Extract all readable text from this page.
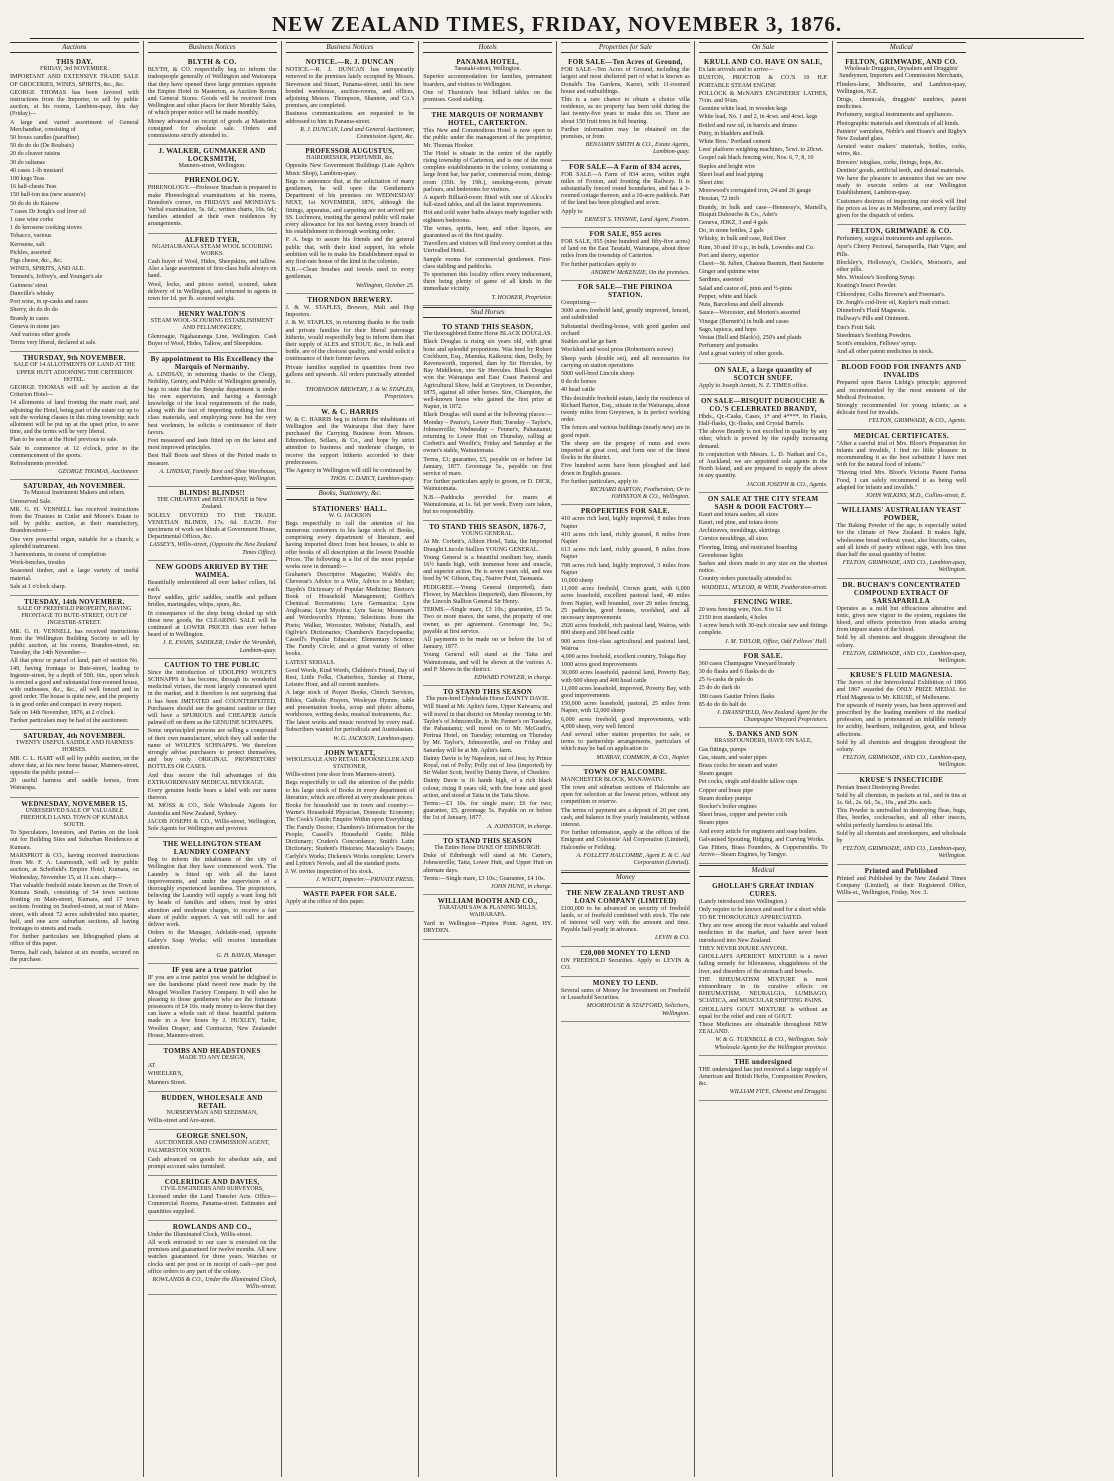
NEW ZEALAND TIMES, FRIDAY, NOVEMBER 3, 1876.
Auctions
THIS DAY.
FRIDAY, 3rd NOVEMBER.

IMPORTANT AND EXTENSIVE TRADE SALE OF GROCERIES, WINES, SPIRITS, &c., &c.

GEORGE THOMAS has been favored with instructions from the Importer, to sell by public auction, at his rooms, Lambton-quay, this day (Friday)—

A large and varied assortment of General Merchandise, consisting of

50 boxes candles (paraffine)

50 do do do (De Roubaix)

20 do cleaver raisins

30 do sultanas

40 cases 1-lb mustard

100 kegs Teas

16 half-chests Teas

150 half-ton tea (new season's)

50 do do do Kaisow

7 cases Dr Jongh's cod liver oil

1 case wine corks

1 do kerosene cooking stoves

Tobacco, various

Kerosene, salt

Pickles, assorted

Figs cheese, &c., &c.

WINES, SPIRITS, AND ALE.

Tennent's, Jeffrey's, and Younger's ale

Guinness' stout

Dunville's whisky

Port wine, in qr-casks and cases

Sherry, do do do do

Brandy in cases

Geneva in stone jars

And various other goods

Terms very liberal, declared at sale.

THURSDAY, 9th NOVEMBER.
SALE OF 14 ALLOTMENTS OF LAND AT THE UPPER HUTT ADJOINING THE CRITERION HOTEL.

GEORGE THOMAS will sell by auction at the Criterion Hotel—

14 allotments of land fronting the main road, and adjoining the Hotel, being part of the estate cut up to suit the working classes in this rising township; each allotment will be put up at the upset price, to save time, and the terms will be very liberal.

Plan to be seen at the Hotel previous to sale.

Sale to commence at 12 o'clock, prior to the commencement of the sports.

Refreshments provided.

GEORGE THOMAS, Auctioneer.
SATURDAY, 4th NOVEMBER.
To Musical Instrument Makers and others.

Unreserved Sale.

MR. G. H. VENNELL has received instructions from the Trustees in Cutler and Moore's Estate to sell by public auction, at their manufactory, Brandon-street—

One very powerful organ, suitable for a church; a splendid instrument.

3 harmoniums, in course of completion

Work-benches, trestles

Seasoned timber, and a large variety of useful material.

Sale at 1 o'clock sharp.

TUESDAY, 14th NOVEMBER.
SALE OF FREEHOLD PROPERTY, HAVING FRONTAGE TO BUTE-STREET, OUT OF INGESTRE-STREET.

MR. G. H. VENNELL has received instructions from the Wellington Building Society to sell by public auction, at his rooms, Brandon-street, on Tuesday, the 14th November—

All that piece or parcel of land, part of section No. 149, having frontage to Bute-street, leading to Ingestre-street, by a depth of 50ft. 6in., upon which is erected a good and substantial four-roomed house, with outhouses, &c., &c., all well fenced and in good order. The house is quite new, and the property is in good order and compact in every respect.

Sale on 14th November, 1876, at 2 o'clock.

Further particulars may be had of the auctioneer.

SATURDAY, 4th NOVEMBER.
TWENTY USEFUL SADDLE AND HARNESS HORSES.

MR. C. L. HART will sell by public auction, on the above date, at his new horse bazaar, Manners-street, opposite the public pound—

20 useful harness and saddle horses, from Wairarapa.

WEDNESDAY, NOVEMBER 15.
UNRESERVED SALE OF VALUABLE FREEHOLD LAND. TOWN OF KUMARA SOUTH.

To Speculators, Investors, and Parties on the look out for Building Sites and Suburban Residences at Kumara.

MARSPROT & CO., having received instructions from Mr. F. A. Learmouth, will sell by public auction, at Schofield's Empire Hotel, Kumara, on Wednesday, November 15, at 11 a.m. sharp—

That valuable freehold estate known as the Town of Kumara South, consisting of 54 town sections fronting on Main-street, Kumara, and 17 town sections fronting on Seaford-street, at rear of Main-street, with about 72 acres subdivided into quarter, half, and one acre suburban sections, all having frontages to streets and roads.

For further particulars see lithographed plans at office of this paper.

Terms, half cash, balance at six months, secured on the purchase.

Business Notices
BLYTH & CO.

BLYTH, & CO. respectfully beg to inform the tradespeople generally of Wellington and Wairarapa that they have opened three large premises opposite the Empire Hotel in Masterton, as Auction Rooms and General Stores. Goods will be received from Wellington and other places for their Monthly Sales, of which proper notice will be made monthly.

Money advanced on receipt of goods at Masterton consigned for absolute sale. Orders and commissions strictly attended to.

J. WALKER, GUNMAKER AND LOCKSMITH,
Manners-street, Wellington.
PHRENOLOGY.

PHRENOLOGY.—Professor Strachan is prepared to make Phrenological examinations at his rooms, Brandon's corner, on FRIDAYS and MONDAYS. Verbal examination, 5s. 6d.; written charts, 10s. 6d.; families attended at their own residences by arrangements.

ALFRED TYER,
NGAHAURANGA STEAM WOOL SCOURING WORKS.

Cash buyer of Wool, Hides, Sheepskins, and tallow. Also a large assortment of first-class bulls always on hand.

Wool, locks, and pieces sorted, scoured, taken delivery of in Wellington, and returned to agents in town for 1d. per lb. scoured weight.

HENRY WALTON'S
STEAM WOOL-SCOURING ESTABLISHMENT AND FELLMONGERY,

Glenroagie, Ngahauranga Line, Wellington. Cash Buyer of Wool, Hides, Tallow, and Sheepskins.

By appointment to His Excellency the Marquis of Normanby.

A. LINDSAY, in returning thanks to the Clergy, Nobility, Gentry, and Public of Wellington generally, begs to state that the Bespoke department is under his own supervision, and having a thorough knowledge of the local requirements of the trade, along with the fact of importing nothing but first class materials, and employing none but the very best workmen, he solicits a continuance of their favors.

Feet measured and lasts fitted up on the latest and most improved principles.

Best Hall Boots and Shoes of the Period made to measure.

A. LINDSAY, Family Boot and Shoe Warehouse, Lambton-quay, Wellington.
BLINDS! BLINDS!!
THE CHEAPEST and BEST HOUSE in New Zealand.

SOLELY DEVOTED TO THE TRADE. VENETIAN BLINDS, 17s. 6d. EACH. For specimens of work see blinds at Government House, Departmental Offices, &c.

LASSEY'S, Willis-street, (Opposite the New Zealand Times Office).
NEW GOODS ARRIVED BY THE WAIMEA.

Beautifully embroidered all over ladies' collars, 6d. each.

Boys' saddles, girls' saddles, snaffle and pelham bridles, martingales, whips, spurs, &c.

In consequence of the shop being choked up with these new goods, the CLEARING SALE will be continued at LOWER PRICES than ever before heard of in Wellington.

J. E. EVANS, SADDLER, Under the Verandah, Lambton-quay.
CAUTION TO THE PUBLIC

Since the introduction of UDOLPHO WOLFE'S SCHNAPPS it has become, through its wonderful medicinal virtues, the most largely consumed spirit in the market, and it therefore is not surprising that it has been IMITATED and COUNTERFEITED. Purchasers should use the greatest caution or they will have a SPURIOUS and CHEAPER Article palmed off on them as the GENUINE SCHNAPPS.

Some unprincipled persons are selling a compound of their own manufacture, which they call under the name of WOLFE'S SCHNAPPS. We therefore strongly advise purchasers to protect themselves, and buy only ORIGINAL PROPRIETORS' BOTTLES OR CASES.

And thus secure the full advantages of this EXTRAORDINARY MEDICAL BEVERAGE.

Every genuine bottle bears a label with our name thereon.

M. MOSS & CO., Sole Wholesale Agents for Australia and New Zealand, Sydney.

JACOB JOSEPH & CO., Willis-street, Wellington, Sole Agents for Wellington and province.

THE WELLINGTON STEAM LAUNDRY COMPANY

Beg to inform the inhabitants of the city of Wellington that they have commenced work. The Laundry is fitted up with all the latest improvements, and under the supervision of a thoroughly experienced laundress. The proprietors, believing the Laundry will supply a want long felt by heads of families and others, trust by strict attention and moderate charges, to receive a fair share of public support. A van will call for and deliver work.

Orders to the Manager, Adelaide-road, opposite Gabry's Soap Works; will receive immediate attention.

G. H. BAYLIS, Manager.
IF you are a true patriot

IF you are a true patriot you would be delighted to see the handsome plaid tweed now made by the Mosgiel Woollen Factory Company. It will also be pleasing to those gentlemen who are the fortunate possessors of £4 10s. ready money to know that they can have a whole suit of these beautiful patterns made in a few hours by J. HUXLEY, Tailor, Woollen Draper, and Contractor, New Zealander House, Manners-street.

TOMBS AND HEADSTONES
MADE TO ANY DESIGN,

AT

WHEELER'S,

Manners Street.

BUDDEN, WHOLESALE AND RETAIL
NURSERYMAN AND SEEDSMAN,

Willis-street and Aro-street.

GEORGE SNELSON,
AUCTIONEER AND COMMISSION AGENT,

PALMERSTON NORTH.

Cash advanced on goods for absolute sale, and prompt account sales furnished.

COLERIDGE AND DAVIES,
CIVIL ENGINEERS AND SURVEYORS,

Licensed under the Land Transfer Acts. Office—Commercial Rooms, Panama-street. Estimates and quantities supplied.

ROWLANDS AND CO.,

Under the Illuminated Clock, Willis-street.

All work entrusted to our care is executed on the premises and guaranteed for twelve months. All new watches guaranteed for three years. Watches or clocks sent per post or in receipt of cash—per post office orders to any part of the colony.

ROWLANDS & CO., Under the Illuminated Clock, Willis-street.
Business Notices
NOTICE.—R. J. DUNCAN

NOTICE.—R. J. DUNCAN has temporarily removed to the premises lately occupied by Messrs. Stevenson and Stuart, Panama-street, until his new bonded warehouse, auction-rooms, and offices, adjoining Messrs. Thompson, Shannon, and Co.'s premises, are completed.

Business communications are requested to be addressed to him in Panama-street.

R. J. DUNCAN, Land and General Auctioneer, Commission Agent, &c.
PROFESSOR AUGUSTUS,
HAIRDRESSER, PERFUMER, &c.

Opposite New Government Buildings (Late Aplin's Music Shop), Lambton-quay.

Begs to announce that, at the solicitation of many gentlemen, he will open the Gentlemen's Department of his premises on WEDNESDAY NEXT, 1st NOVEMBER, 1876, although the fittings, apparatus, and carpeting are not arrived per SS. Lochmora, trusting the general public will make every allowance for his not having every branch of his establishment in thorough working order.

P. A. begs to assure his friends and the general public that, with their kind support, his whole ambition will be to make his Establishment equal to any first-rate house of the kind in the colonies.

N.B.—Clean brushes and towels used to every gentleman.

Wellington, October 25.
THORNDON BREWERY.

J. & W. STAPLES, Brewers, Malt and Hop Importers.

J. & W. STAPLES, in returning thanks to the trade and private families for their liberal patronage hitherto, would respectfully beg to inform them that their supply of ALES and STOUT, &c., in bulk and bottle, are of the choicest quality, and would solicit a continuance of their former favors.

Private families supplied in quantities from two gallons and upwards. All orders punctually attended to.

THORNDON BREWERY, J. & W. STAPLES, Proprietors.
W. & C. HARRIS

W. & C. HARRIS beg to inform the inhabitants of Wellington and the Wairarapa that they have purchased the Carrying Business from Messrs. Edmondson, Sellars, & Co., and hope by strict attention to business and moderate charges, to receive the support hitherto accorded to their predecessors.

The Agency in Wellington will still be continued by

THOS. C. DARCY, Lambton-quay.
Books, Stationery, &c.
STATIONERS' HALL.
W. G. JACKSON

Begs respectfully to call the attention of his numerous customers to his large stock of Books, comprising every department of literature, and having imported direct from best houses, is able to offer books of all description at the lowest Possible Prices. The following is a list of the most popular works now in demand:—

Grahame's Descriptive Magazine; Walsh's do; Cheverae's Advice to a Wife, Advice to a Mother; Haydn's Dictionary of Popular Medicine; Beeton's Book of Household Management; Griffin's Chemical Recreations; Lyra Germanica; Lyra Anglicana; Lyra Mystica; Lyra Sacra; Mossman's and Wordsworth's Hymns; Selections from the Poets; Walker, Worcester, Webster, Nuttall's, and Ogilvie's Dictionaries; Chambers's Encyclopaedia; Cassell's Popular Educator; Elementary Science; The Family Circle; and a great variety of other books.

LATEST SERIALS.

Good Words, Kind Words, Children's Friend, Day of Rest, Little Folks, Chatterbox, Sunday at Home, Leisure Hour, and all current numbers.

A large stock of Prayer Books, Church Services, Bibles, Catholic Prayers, Wesleyan Hymns, table and presentation books, scrap and photo albums, workboxes, writing desks, musical instruments, &c.

The latest works and music received by every mail. Subscribers wanted for periodicals and Australasian.

W. G. JACKSON, Lambton-quay.
JOHN WYATT,
WHOLESALE AND RETAIL BOOKSELLER AND STATIONER,

Willis-street (one door from Manners-street).

Begs respectfully to call the attention of the public to his large stock of Books in every department of literature, which are offered at very moderate prices.

Books for household use in town and country:—Warne's Household Physician, Domestic Economy; The Cook's Guide; Enquire Within upon Everything; The Family Doctor; Chambers's Information for the People; Cassell's Household Guide; Bible Dictionary; Cruden's Concordance; Smith's Latin Dictionary; Student's Histories; Macaulay's Essays; Carlyle's Works; Dickens's Works complete; Lever's and Lytton's Novels, and all the standard poets.

J. W. invites inspection of his stock.

J. WYATT, Importer.—PRIVATE PRESS.
WASTE PAPER FOR SALE.

Apply at the office of this paper.

Hotels
PANAMA HOTEL,
Taranaki-street, Wellington.

Superior accommodation for families, permanent boarders, and visitors to Wellington.

One of Thurston's best billiard tables on the premises. Good stabling.

THE MARQUIS OF NORMANBY HOTEL, CARTERTON.

This New and Commodious Hotel is now open to the public under the management of the proprietor, Mr. Thomas Hooker.

The Hotel is situate in the centre of the rapidly rising township of Carterton, and is one of the most complete establishments in the colony, containing a large front bar, bar parlor, commercial room, dining-room (35ft. by 19ft.), smoking-room, private parlours, and bedrooms for visitors.

A superb Billiard-room fitted with one of Alcock's full-sized tables, and all the latest improvements.

Hot and cold water baths always ready together with eighteen bedrooms.

The wines, spirits, beer, and other liquors, are guaranteed as of the first quality.

Travellers and visitors will find every comfort at this Unrivalled Hotel.

Sample rooms for commercial gentlemen. First-class stabling and paddocks.

To sportsmen this locality offers every inducement, there being plenty of game of all kinds in the immediate vicinity.

T. HOOKER, Proprietor.
Stud Horses
TO STAND THIS SEASON,
The thoroughbred Entire Horse BLACK DOUGLAS.

Black Douglas is rising six years old, with great bone and splendid proportions. Was bred by Robert Cockburn, Esq., Manuka, Kaikoura; dam, Dolly, by Ravensworth, imported, dam by Sir Hercules, by Bay Middleton, sire Sir Hercules. Black Douglas won the Wairarapa and East Coast Pastoral and Agricultural Show, held at Greytown, in December, 1875, against all other horses. Sire, Champion, the well-known horse who gained the first prize at Napier, in 1872.

Black Douglas will stand at the following places:—Monday – Pearce's, Lower Hutt; Tuesday – Taylor's, Johnsonville; Wednesday – Fenner's, Pahautanui; returning to Lower Hutt on Thursday, calling at Corbett's and Woolfe's; Friday and Saturday at the owner's stable, Wainuiomata.

Terms, £3; guarantee, £5, payable on or before 1st January, 1877. Groomage 5s., payable on first service of mare.

For further particulars apply to groom, or D. DICK, Wainuiomata.

N.B.—Paddocks provided for mares at Wainuiomata, at 1s. 6d. per week. Every care taken, but no responsibility.

TO STAND THIS SEASON, 1876-7,
YOUNG GENERAL.

At Mr. Corbett's, Albion Hotel, Taita, the Imported Draught Lincoln Stallion YOUNG GENERAL.

Young General is a beautiful medium bay, stands 16½ hands high, with immense bone and muscle, and superior action. He is seven years old, and was bred by W. Gibson, Esq., Native Point, Tasmania.

PEDIGREE.—Young General (imported), dam Flower, by Matchless (imported), dam Blossom, by the Lincoln Stallion General Sir Henry.

TERMS.—Single mare, £3 10s.; guarantee, £5 5s. Two or more mares, the same, the property of one owner, as per agreement. Groomage fee, 5s.; payable at first service.

All payments to be made on or before the 1st of January, 1877.

Young General will stand at the Taita and Wainuiomata, and will be shown at the various A. and P. Shows in the district.

EDWARD FOWLER, in charge.
TO STAND THIS SEASON
The pure-bred Clydesdale Horse DAINTY DAVIE.

Will Stand at Mr. Aplin's farm, Upper Kaiwarra, and will travel in that district on Monday morning to Mr. Taylor's of Johnsonville, to Mr. Fenner's on Tuesday, the Pahautanui; will travel on to Mr. McGrath's, Porirua Hotel, on Tuesday; returning on Thursday by Mr. Taylor's, Johnsonville, and on Friday and Saturday will be at Mr. Aplin's farm.

Dainty Davie is by Napoleon, out of Jess; by Prince Royal, out of Polly; Polly out of Jess (imported) by Sir Walter Scott, bred by Dainty Davie, of Cheshire.

Dainty Davie is 16 hands high, of a rich black colour, rising 8 years old, with fine bone and good action, and stood at Taita in the Taita Show.

Terms:—£3 10s. for single mare; £6 for two; guarantee, £5; groomage 5s. Payable on or before the 1st of January, 1877.

A. JOHNSTON, in charge.
TO STAND THIS SEASON
The Entire Horse DUKE OF EDINBURGH.

Duke of Edinburgh will stand at Mr. Carter's, Johnsonville; Taita, Lower Hutt, and Upper Hutt on alternate days.

Terms:—Single mare, £3 10s.; Guarantee, £4 10s.

JOHN HUNE, in charge.
WILLIAM BOOTH AND CO.,
TARATAHI SAW & PLANING MILLS, WAIRARAPA.

Yard in Wellington—Pipitea Point. Agent, HY. DRYDEN.

Properties for Sale
FOR SALE—Ten Acres of Ground,

FOR SALE—Ten Acres of Ground, including the largest and most sheltered part of what is known as Donald's Tea Gardens, Karori, with 11-roomed house and outbuildings.

This is a rare chance to obtain a choice villa residence, as no property has been sold during the last twenty-five years to make this so. There are about 150 fruit trees in full bearing.

Further information may be obtained on the premises, or from

BENJAMIN SMITH & CO., Estate Agents, Lambton-quay.
FOR SALE—A Farm of 834 acres,

FOR SALE—A Farm of 834 acres, within eight miles of Foxton, and fronting the Railway. It is substantially fenced round boundaries, and has a 3-roomed cottage thereon, and a 10-acre paddock. Part of the land has been ploughed and sown.

Apply to

ERNEST S. THYNNE, Land Agent, Foxton.
FOR SALE, 955 acres

FOR SALE, 955 (nine hundred and fifty-five acres) of land on the East Taratahi, Wairarapa, about three miles from the township of Carterton.

For further particulars apply to

ANDREW McKENZIE, On the premises.
FOR SALE—THE PIRINOA STATION.

Comprising—

3600 acres freehold land, greatly improved, fenced, and subdivided

Substantial dwelling-house, with good garden and orchard

Stables and lar ge barn

Woolshed and wool press (Robertson's screw)

Sheep yards (double set), and all necessaries for carrying on station operations

5000 well-bred Lincoln sheep

8 do do horses

40 head cattle

This desirable freehold estate, lately the residence of Richard Barton, Esq., situate in the Wairarapa, about twenty miles from Greytown, is in perfect working order.

The fences and various buildings (nearly new) are in good repair.

The sheep are the progeny of rams and ewes imported at great cost, and form one of the finest flocks in the district.

Five hundred acres have been ploughed and laid down in English grasses.

For further particulars, apply to

RICHARD BARTON, Featherston; Or to JOHNSTON & CO., Wellington.
PROPERTIES FOR SALE.

410 acres rich land, highly improved, 8 miles from Napier

410 acres rich land, richly grassed, 8 miles from Napier

613 acres rich land, richly grassed, 8 miles from Napier

798 acres rich land, highly improved, 3 miles from Napier

10,000 sheep

11,000 acres freehold, Crown grant, with 6,000 acres leasehold, excellent pastoral land, 40 miles from Napier, well bounded, over 20 miles fencing, 25 paddocks, good houses, woolshed, and all necessary improvements

2920 acres freehold, rich pastoral land, Wairoa, with 800 sheep and 100 head cattle

900 acres first-class agricultural and pastoral land, Wairoa

4,000 acres freehold, excellent country, Tolaga Bay

1000 acres good improvements

30,000 acres leasehold, pastoral land, Poverty Bay, with 600 sheep and 400 head cattle

11,000 acres leasehold, improved, Poverty Bay, with good improvements

150,000 acres leasehold, pastoral, 25 miles from Napier, with 12,000 sheep

6,000 acres freehold, good improvements, with 4,000 sheep, very well fenced

And several other station properties for sale, or terms to partnership arrangements, particulars of which may be had on application to

MURRAY, COMMON, & CO., Napier.
TOWN OF HALCOMBE.

MANCHESTER BLOCK, MANAWATU.

The town and suburban sections of Halcombe are open for selection at the lowest prices, without any competition or reserve.

The terms of payment are a deposit of 20 per cent. cash, and balance in five yearly instalments, without interest.

For further information, apply at the offices of the Emigrant and Colonists' Aid Corporation (Limited), Halcombe or Feilding.

A. FOLLETT HALCOMBE, Agent E. & C. Aid Corporation (Limited).
Money
THE NEW ZEALAND TRUST AND LOAN COMPANY (LIMITED)

£100,000 to be advanced on security of freehold lands, or of freehold combined with stock. The rate of interest will vary with the amount and time. Payable half-yearly in advance.

LEVIN & CO.
£20,000 MONEY TO LEND

ON FREEHOLD Securities. Apply to LEVIN & CO.

MONEY TO LEND.

Several sums of Money for Investment on Freehold or Leasehold Securities.

MOORHOUSE & STAFFORD, Solicitors, Wellington.
On Sale
KRULL AND CO. HAVE ON SALE,

Ex late arrivals and to arrive—

RUSTON, PROCTOR & CO.'S 10 H.P. PORTABLE STEAM ENGINE

POLLOCK & McNAB'S ENGINEERS' LATHES, 7¼in. and 9¼in.

Genuine white lead, in wooden kegs

White lead, No. 1 and 2, in 4cwt. and 4cwt. kegs

Boiled and raw oil, in barrels and drums

Putty, in bladders and bulk

White Bros.' Portland cement

Lees' platform weighing machines, 5cwt. to 20cwt.

Gospel oak black fencing wire, Nos. 6, 7, 8, 10

Staples and bright wire

Sheet lead and lead piping

Sheet zinc

Morewood's corrugated iron, 24 and 26 gauge

Hessian, 72 inch

Brandy, in bulk and case—Hennessy's, Martell's, Bisquit Dubouche & Co., Adet's

Geneva, JDKZ, 3 and 4 gals

Do, in stone bottles, 2 gals

Whisky, in bulk and case, Red Deer

Rum, 30 and 10 o.p., in bulk, Lowndes and Co.

Port and sherry, superior

Claret—St. Julien, Chateau Baumin, Haut Sauterne

Ginger and quinine wine

Sardines, assorted

Salad and castor oil, pints and ½-pints

Pepper, white and black

Nuts, Barcelona and shell almonds

Sauce—Worcester, and Morton's assorted

Vinegar (Burnett's) in bulk and cases

Sago, tapioca, and hops

Vestas (Bell and Black's), 250's and plaids

Perfumery and pomades

And a great variety of other goods.

ON SALE, a large quantity of SCOTCH SNUFF.

Apply to Joseph Arnott, N. Z. TIMES office.

ON SALE—BISQUIT DUBOUCHE & CO.'S CELEBRATED BRANDY,

Hhds., Qr.-Casks, Cases, 1* and 4****. In Flasks, Half-flasks, Qr.-flasks, and Crystal Barrels.

The above Brandy is not excelled in quality by any other, which is proved by the rapidly increasing demand.

In conjunction with Messrs. L. D. Nathan and Co., of Auckland, we are appointed sole agents in the North Island, and are prepared to supply the above in any quantity.

JACOB JOSEPH & CO., Agents.
ON SALE AT THE CITY STEAM SASH & DOOR FACTORY—

Kauri and totara sashes, all sizes

Kauri, red pine, and totara doors

Architraves, mouldings, skirtings

Cornice mouldings, all sizes

Flooring, lining, and rusticated boarding

Greenhouse lights

Sashes and doors made to any size on the shortest notice.

Country orders punctually attended to.

WADDELL, M'LEOD, & WEIR, Featherston-street.
FENCING WIRE.

20 tons fencing wire, Nos. 8 to 12

2150 iron standards, 4 holes

1 screw bench with 30-inch circular saw and fittings complete.

J. M. TAYLOR, Office, Odd Fellows' Hall.
FOR SALE.

360 cases Champagne Vineyard brandy

30 do flasks and 6 flasks do do

25 ¼-casks de palo do

25 do do dark do

180 cases Gautier Frères flasks

85 do do do half do

J. DRANSFIELD, New Zealand Agent for the Champagne Vineyard Proprietors.
S. DANKS AND SON
BRASSFOUNDERS, HAVE ON SALE,

Gas fittings, pumps

Gas, steam, and water pipes

Brass cocks for steam and water

Steam gauges

Pet cocks, single and double tallow cups

Copper and brass pipe

Steam donkey pumps

Stocker's boiler engines

Sheet brass, copper and pewter coils

Steam pipes

And every article for engineers and soap boilers.

Galvanised Spouting, Ridging, and Curving Works.

Gas Fitters, Brass Founders, & Coppersmiths. To Arrive—Steam Engines, by Tangye.

Medical
GHOLLAH'S GREAT INDIAN CURES.

(Lately introduced into Wellington.)

Only require to be known and used for a short while

TO BE THOROUGHLY APPRECIATED.

They are now among the most valuable and valued medicines in the market, and have never been introduced into New Zealand.

THEY NEVER INJURE ANYONE.

GHOLLAH'S APERIENT MIXTURE is a never failing remedy for biliousness, sluggishness of the liver, and disorders of the stomach and bowels.

THE RHEUMATISM MIXTURE is most extraordinary in its curative effects on RHEUMATISM, NEURALGIA, LUMBAGO, SCIATICA, and MUSCULAR SHIFTING PAINS.

GHOLLAH'S GOUT MIXTURE is without an equal for the relief and cure of GOUT.

These Medicines are obtainable throughout NEW ZEALAND.

W. & G. TURNBULL & CO., Wellington. Sole Wholesale Agents for the Wellington province.
THE undersigned

THE undersigned has just received a large supply of American and British Herbs, Composition Powders, &c.

WILLIAM FIFE, Chemist and Druggist.
Medical
FELTON, GRIMWADE, AND CO.
Wholesale Druggists, Drysalters and Druggists' Sundrymen, Importers and Commission Merchants,

Flinders-lane, Melbourne, and Lambton-quay, Wellington, N.Z.

Drugs, chemicals, druggists' sundries, patent medicines.

Perfumery, surgical instruments and appliances.

Photographic materials and chemicals of all kinds.

Painters' varnishes, Noble's and Hoare's and Rigby's New Zealand glass.

Aerated water makers' materials, bottles, corks, wires, &c.

Brewers' isinglass, corks, finings, hops, &c.

Dentists' goods, artificial teeth, and dental materials.

We have the pleasure to announce that we are now ready to execute orders at our Wellington Establishment, Lambton-quay.

Customers desirous of inspecting our stock will find the prices as low as in Melbourne, and every facility given for the dispatch of orders.

FELTON, GRIMWADE & CO.

Perfumery, surgical instruments and appliances.

Ayer's Cherry Pectoral, Sarsaparilla, Hair Vigor, and Pills.

Blockley's, Holloway's, Cockle's, Morison's, and other pills.

Mrs. Winslow's Soothing Syrup.

Keating's Insect Powder.

Chlorodyne, Collis Browne's and Freeman's.

Dr. Jongh's cod-liver oil, Kepler's malt extract.

Dinneford's Fluid Magnesia.

Hallway's Pills and Ointment.

Eno's Fruit Salt.

Steedman's Soothing Powders.

Scott's emulsion, Fellows' syrup.

And all other patent medicines in stock.

BLOOD FOOD FOR INFANTS AND INVALIDS

Prepared upon Baron Liebig's principle; approved and recommended by the most eminent of the Medical Profession.

Strongly recommended for young infants; as a delicate food for invalids.

FELTON, GRIMWADE, & CO., Agents.
MEDICAL CERTIFICATES.

"After a careful trial of Mrs. Bloor's Preparation for infants and invalids, I find no little pleasure in recommending it as the best substitute I have met with for the natural food of infants."

"Having tried Mrs. Bloor's Victoria Patent Farina Food, I can safely recommend it as being well adapted for infants and invalids."

JOHN WILKINS, M.D., Collins-street, E.
WILLIAMS' AUSTRALIAN YEAST POWDER,

The Baking Powder of the age, is especially suited for the climate of New Zealand. It makes light, wholesome bread without yeast, also biscuits, cakes, and all kinds of pastry without eggs, with less time than half the usual quantity of butter.

FELTON, GRIMWADE, AND CO., Lambton-quay, Wellington.
DR. BUCHAN'S CONCENTRATED COMPOUND EXTRACT OF SARSAPARILLA

Operates as a mild but efficacious alterative and tonic, gives new vigour to the system, regulates the blood, and effects protection from attacks arising from impure states of the blood.

Sold by all chemists and druggists throughout the colony.

FELTON, GRIMWADE, AND CO., Lambton-quay, Wellington.
KRUSE'S FLUID MAGNESIA.

The Jurors of the Intercolonial Exhibition of 1866 and 1867 awarded the ONLY PRIZE MEDAL for Fluid Magnesia to Mr. KRUSE, of Melbourne.

For upwards of twenty years, has been approved and prescribed by the leading members of the medical profession, and is pronounced an infallible remedy for acidity, heartburn, indigestion, gout, and bilious affections.

Sold by all chemists and druggists throughout the colony.

FELTON, GRIMWADE, AND CO., Lambton-quay, Wellington.
KRUSE'S INSECTICIDE

Persian Insect Destroying Powder.

Sold by all chemists, in packets at 6d., and in tins at 1s. 6d., 2s. 6d., 5s., 10s., and 20s. each.

This Powder is unrivalled in destroying fleas, bugs, flies, beetles, cockroaches, and all other insects, whilst perfectly harmless to animal life.

Sold by all chemists and storekeepers, and wholesale by

FELTON, GRIMWADE, AND CO., Lambton-quay, Wellington.
Printed and Published

Printed and Published by the New Zealand Times Company (Limited), at their Registered Office, Willis-st., Wellington, Friday, Nov. 3.
